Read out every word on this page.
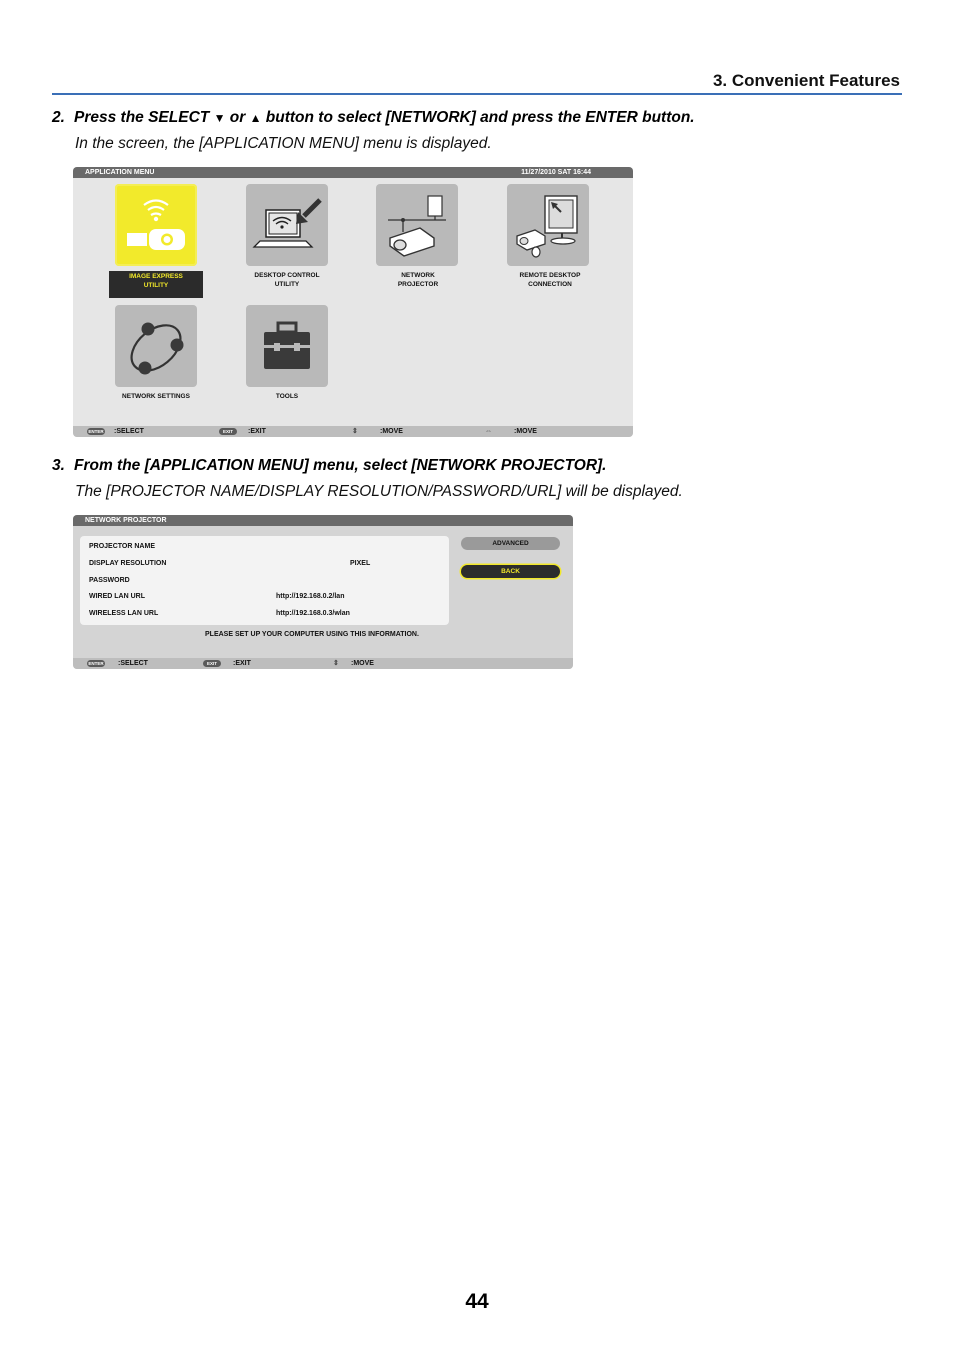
3. Convenient Features
2. Press the SELECT ▼ or ▲ button to select [NETWORK] and press the ENTER button.
In the screen, the [APPLICATION MENU] menu is displayed.
APPLICATION MENU	11/27/2010 SAT 16:44
IMAGE EXPRESS
UTILITY
DESKTOP CONTROL
UTILITY
NETWORK
PROJECTOR
REMOTE DESKTOP
CONNECTION
NETWORK SETTINGS	TOOLS
ENTER :SELECT	EXIT	:EXIT	⇕	:MOVE	⇔	:MOVE
3. From the [APPLICATION MENU] menu, select [NETWORK PROJECTOR].
The [PROJECTOR NAME/DISPLAY RESOLUTION/PASSWORD/URL] will be displayed.
NETWORK PROJECTOR
PROJECTOR NAME
DISPLAY RESOLUTION	PIXEL
PASSWORD
WIRED LAN URL	http://192.168.0.2/lan
WIRELESS LAN URL	http://192.168.0.3/wlan
ADVANCED
BACK
PLEASE SET UP YOUR COMPUTER USING THIS INFORMATION.
ENTER :SELECT	EXIT	:EXIT	⇕ :MOVE
44
